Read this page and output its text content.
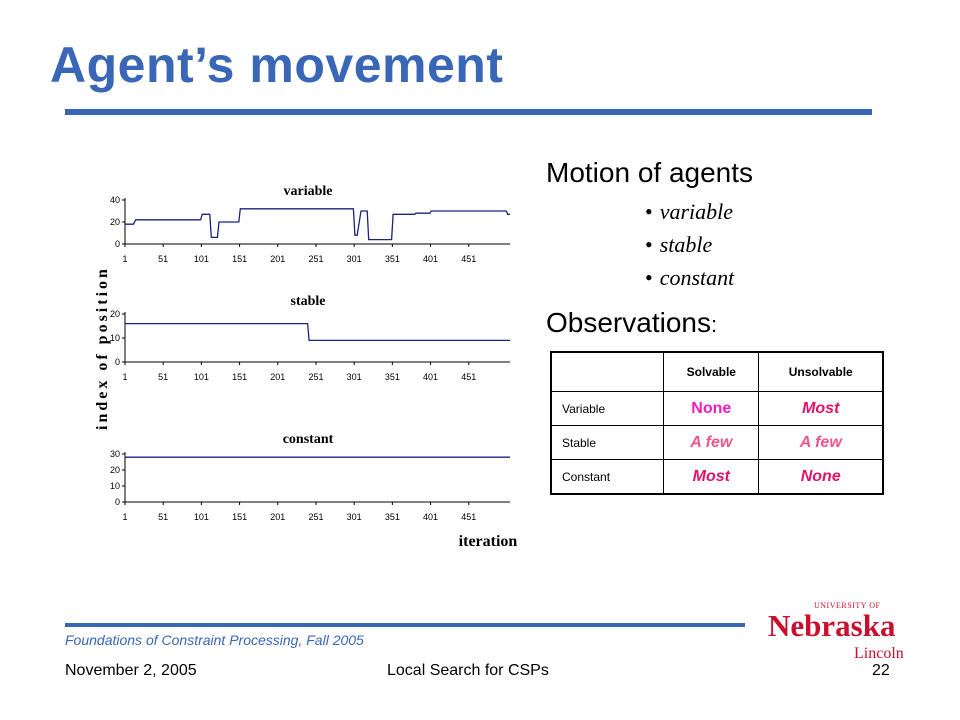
Agent’s movement
variable
0
20
40
1	51	101	151	201	251	301	351	401	451
stable
0
10
20
1	51	101	151	201	251	301	351	401	451
constant
0
10
20
30
1	51	101	151	201	251	301	351	401	451
iteration
index of position
Motion of agents
• variable
• stable
• constant
Observations:
	Solvable	Unsolvable
Variable	None	Most
Stable	A few	A few
Constant	Most	None
Foundations of Constraint Processing, Fall 2005
November 2, 2005	Local Search for CSPs	22
UNIVERSITY OF
Nebraska
Lincoln
